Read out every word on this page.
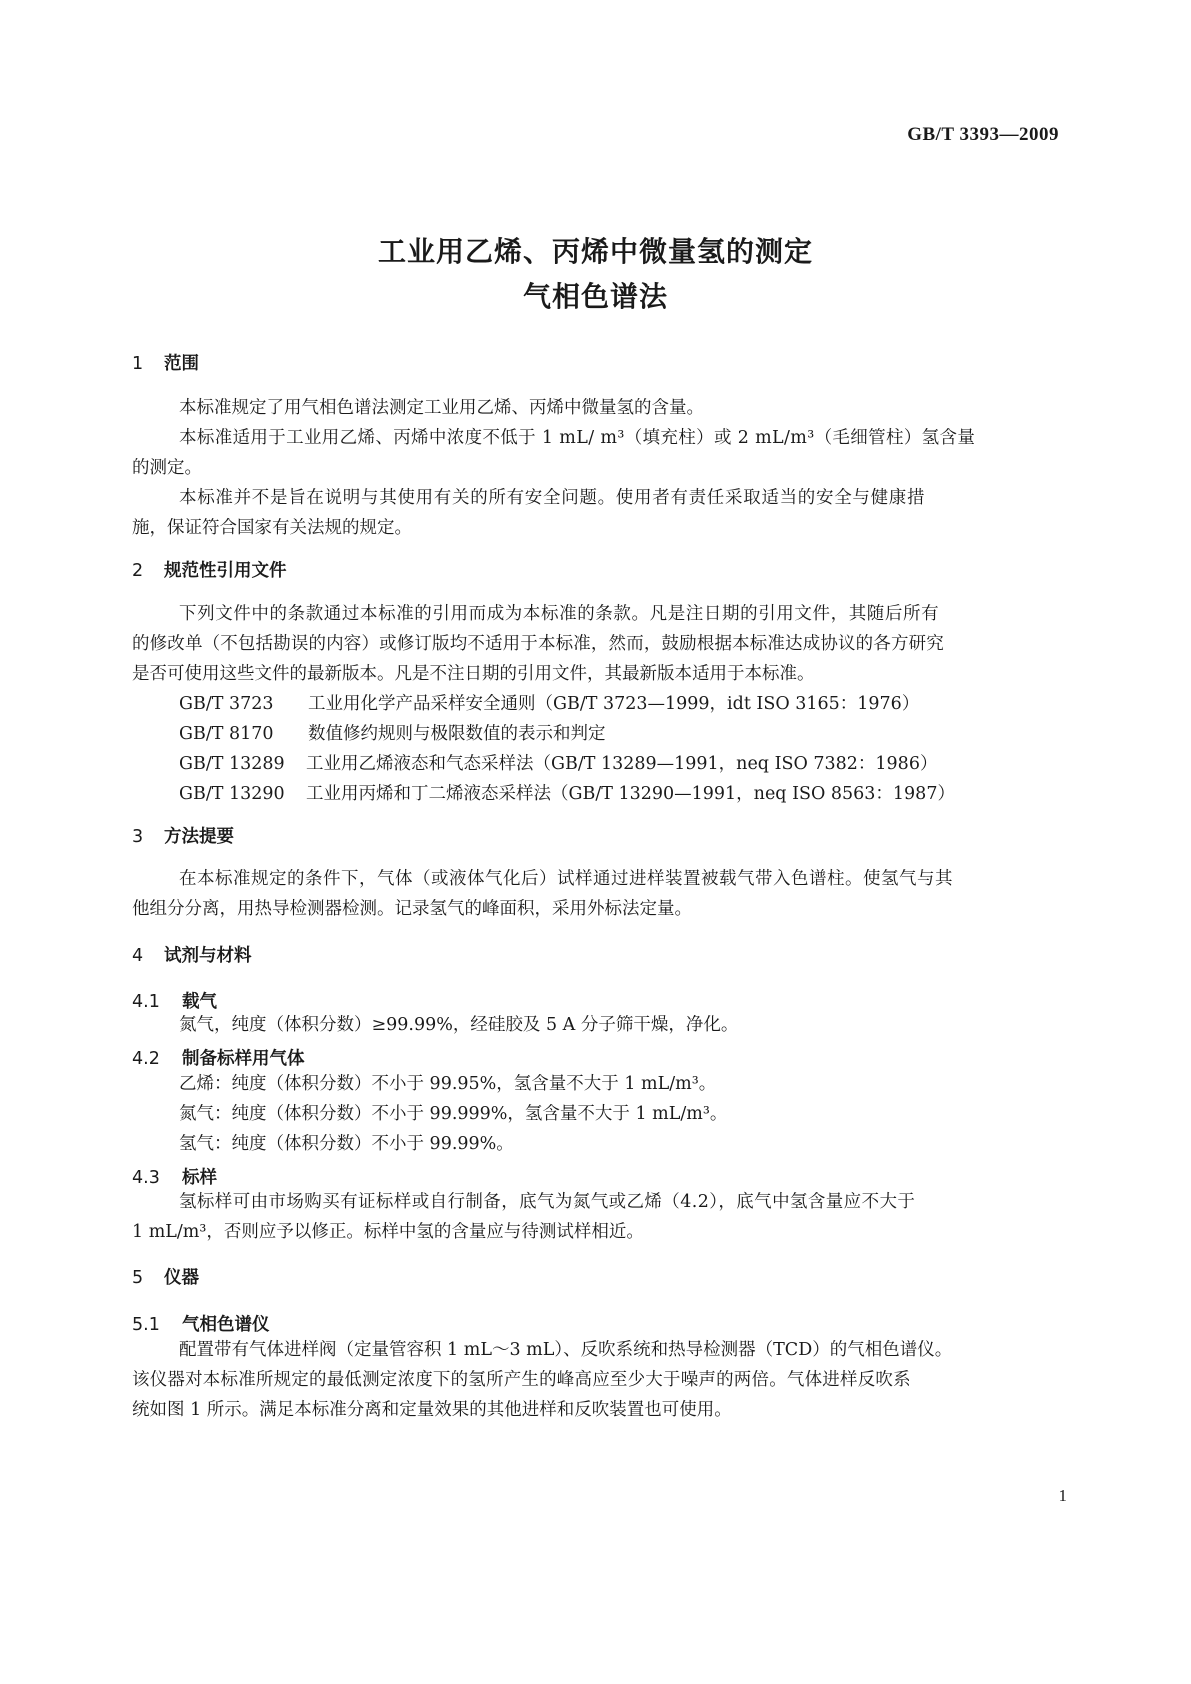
GB/T 3393—2009
工业用乙烯、丙烯中微量氢的测定
气相色谱法
1 范围
本标准规定了用气相色谱法测定工业用乙烯、丙烯中微量氢的含量。
本标准适用于工业用乙烯、丙烯中浓度不低于 1 mL/ m³（填充柱）或 2 mL/m³（毛细管柱）氢含量
的测定。
本标准并不是旨在说明与其使用有关的所有安全问题。使用者有责任采取适当的安全与健康措
施，保证符合国家有关法规的规定。
2 规范性引用文件
下列文件中的条款通过本标准的引用而成为本标准的条款。凡是注日期的引用文件，其随后所有
的修改单（不包括勘误的内容）或修订版均不适用于本标准，然而，鼓励根据本标准达成协议的各方研究
是否可使用这些文件的最新版本。凡是不注日期的引用文件，其最新版本适用于本标准。
GB/T 3723 工业用化学产品采样安全通则（GB/T 3723—1999，idt ISO 3165：1976）
GB/T 8170 数值修约规则与极限数值的表示和判定
GB/T 13289 工业用乙烯液态和气态采样法（GB/T 13289—1991，neq ISO 7382：1986）
GB/T 13290 工业用丙烯和丁二烯液态采样法（GB/T 13290—1991，neq ISO 8563：1987）
3 方法提要
在本标准规定的条件下，气体（或液体气化后）试样通过进样装置被载气带入色谱柱。使氢气与其
他组分分离，用热导检测器检测。记录氢气的峰面积，采用外标法定量。
4 试剂与材料
4.1 载气
氮气，纯度（体积分数）≥99.99%，经硅胶及 5 A 分子筛干燥，净化。
4.2 制备标样用气体
乙烯：纯度（体积分数）不小于 99.95%，氢含量不大于 1 mL/m³。
氮气：纯度（体积分数）不小于 99.999%，氢含量不大于 1 mL/m³。
氢气：纯度（体积分数）不小于 99.99%。
4.3 标样
氢标样可由市场购买有证标样或自行制备，底气为氮气或乙烯（4.2），底气中氢含量应不大于
1 mL/m³，否则应予以修正。标样中氢的含量应与待测试样相近。
5 仪器
5.1 气相色谱仪
配置带有气体进样阀（定量管容积 1 mL～3 mL）、反吹系统和热导检测器（TCD）的气相色谱仪。
该仪器对本标准所规定的最低测定浓度下的氢所产生的峰高应至少大于噪声的两倍。气体进样反吹系
统如图 1 所示。满足本标准分离和定量效果的其他进样和反吹装置也可使用。
1
